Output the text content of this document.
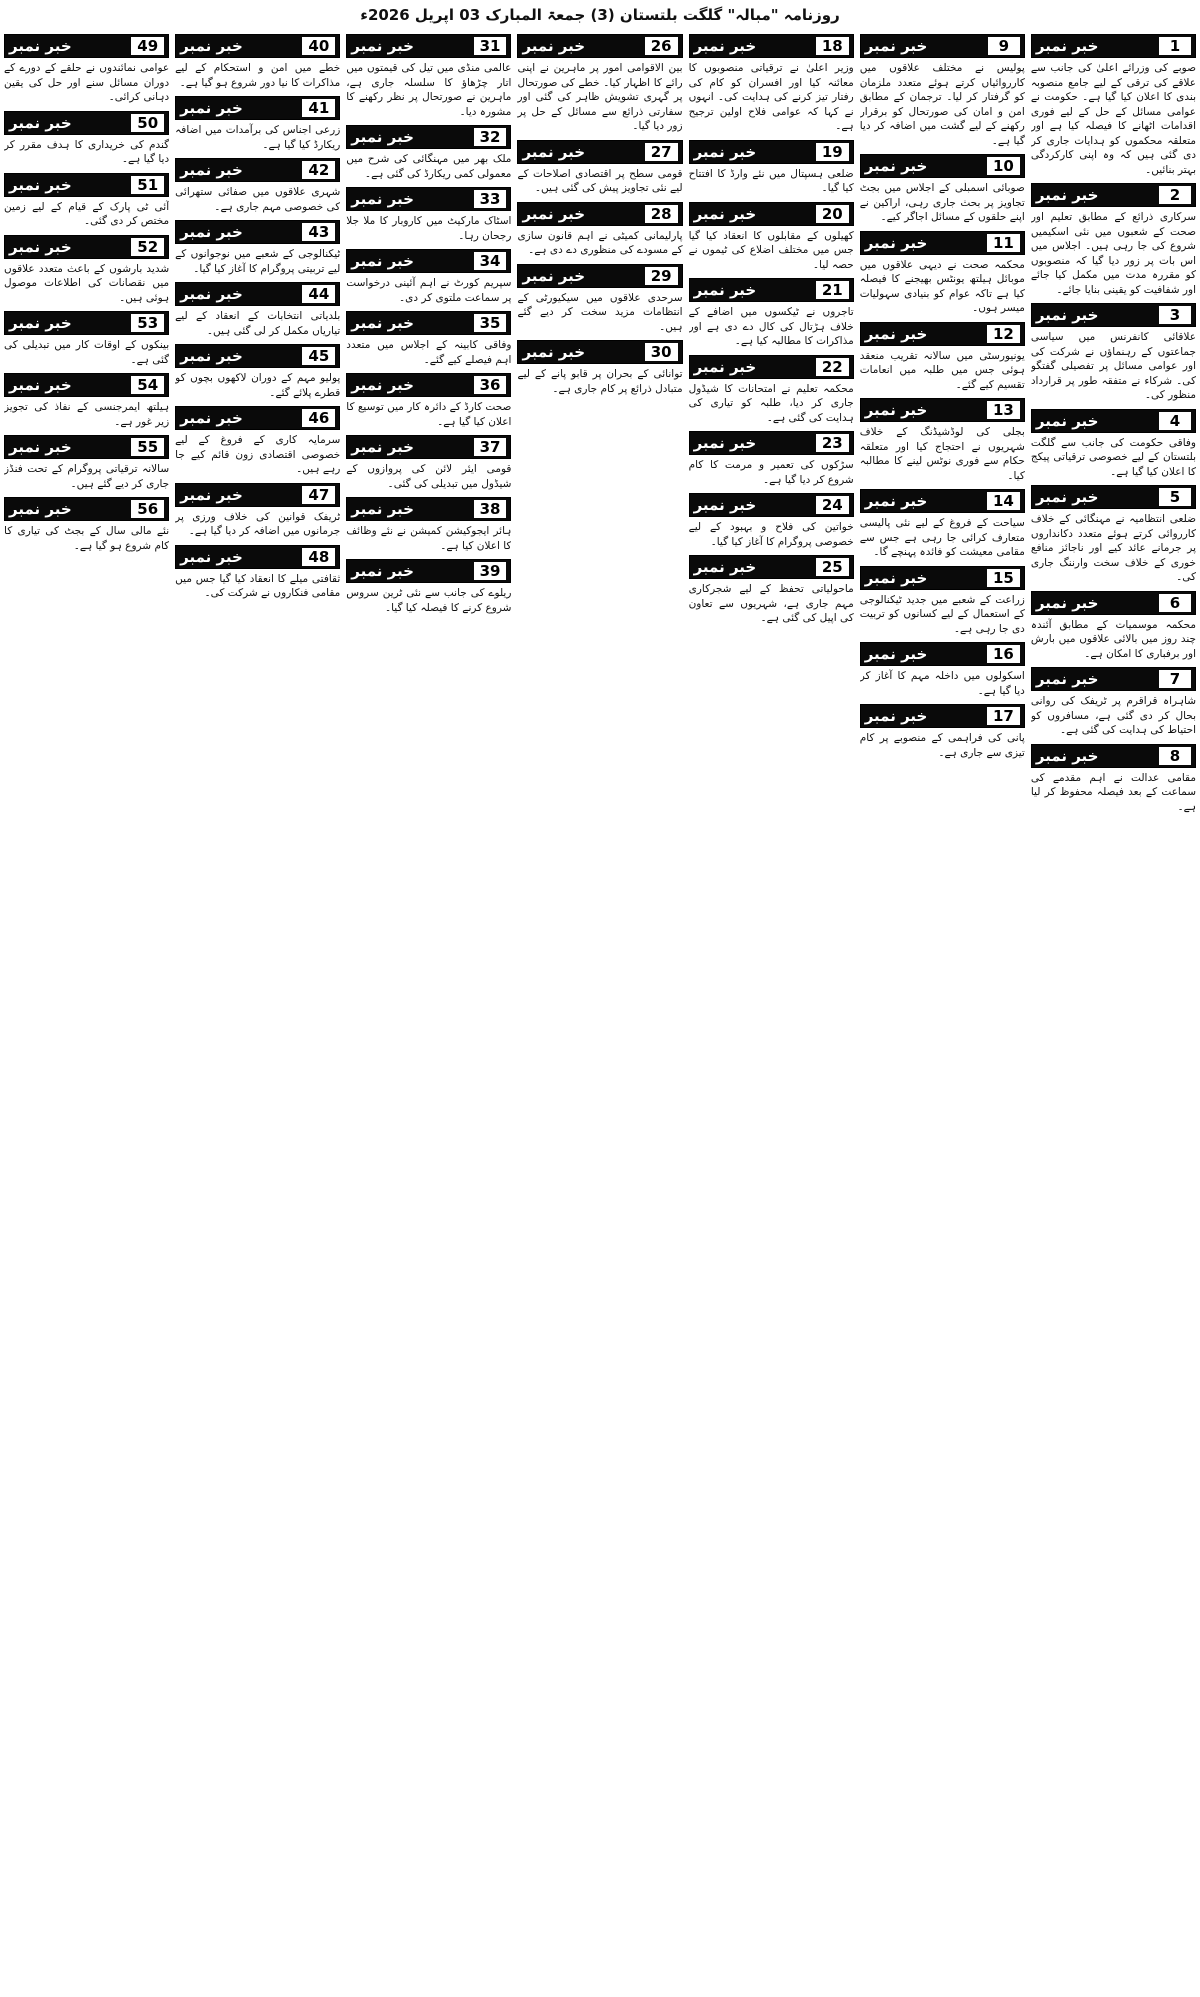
روزنامہ "مبالہ" گلگت بلتستان (3) جمعۃ المبارک 03 اپریل 2026ء
1
خبر نمبر
صوبے کی وزرائے اعلیٰ کی جانب سے علاقے کی ترقی کے لیے جامع منصوبہ بندی کا اعلان کیا گیا ہے۔ حکومت نے عوامی مسائل کے حل کے لیے فوری اقدامات اٹھانے کا فیصلہ کیا ہے اور متعلقہ محکموں کو ہدایات جاری کر دی گئی ہیں کہ وہ اپنی کارکردگی بہتر بنائیں۔
2
خبر نمبر
سرکاری ذرائع کے مطابق تعلیم اور صحت کے شعبوں میں نئی اسکیمیں شروع کی جا رہی ہیں۔ اجلاس میں اس بات پر زور دیا گیا کہ منصوبوں کو مقررہ مدت میں مکمل کیا جائے اور شفافیت کو یقینی بنایا جائے۔
3
خبر نمبر
علاقائی کانفرنس میں سیاسی جماعتوں کے رہنماؤں نے شرکت کی اور عوامی مسائل پر تفصیلی گفتگو کی۔ شرکاء نے متفقہ طور پر قرارداد منظور کی۔
4
خبر نمبر
وفاقی حکومت کی جانب سے گلگت بلتستان کے لیے خصوصی ترقیاتی پیکج کا اعلان کیا گیا ہے۔
5
خبر نمبر
ضلعی انتظامیہ نے مہنگائی کے خلاف کارروائی کرتے ہوئے متعدد دکانداروں پر جرمانے عائد کیے اور ناجائز منافع خوری کے خلاف سخت وارننگ جاری کی۔
6
خبر نمبر
محکمہ موسمیات کے مطابق آئندہ چند روز میں بالائی علاقوں میں بارش اور برفباری کا امکان ہے۔
7
خبر نمبر
شاہراہ قراقرم پر ٹریفک کی روانی بحال کر دی گئی ہے، مسافروں کو احتیاط کی ہدایت کی گئی ہے۔
8
خبر نمبر
مقامی عدالت نے اہم مقدمے کی سماعت کے بعد فیصلہ محفوظ کر لیا ہے۔
9
خبر نمبر
پولیس نے مختلف علاقوں میں کارروائیاں کرتے ہوئے متعدد ملزمان کو گرفتار کر لیا۔ ترجمان کے مطابق امن و امان کی صورتحال کو برقرار رکھنے کے لیے گشت میں اضافہ کر دیا گیا ہے۔
10
خبر نمبر
صوبائی اسمبلی کے اجلاس میں بجٹ تجاویز پر بحث جاری رہی، اراکین نے اپنے حلقوں کے مسائل اجاگر کیے۔
11
خبر نمبر
محکمہ صحت نے دیہی علاقوں میں موبائل ہیلتھ یونٹس بھیجنے کا فیصلہ کیا ہے تاکہ عوام کو بنیادی سہولیات میسر ہوں۔
12
خبر نمبر
یونیورسٹی میں سالانہ تقریب منعقد ہوئی جس میں طلبہ میں انعامات تقسیم کیے گئے۔
13
خبر نمبر
بجلی کی لوڈشیڈنگ کے خلاف شہریوں نے احتجاج کیا اور متعلقہ حکام سے فوری نوٹس لینے کا مطالبہ کیا۔
14
خبر نمبر
سیاحت کے فروغ کے لیے نئی پالیسی متعارف کرائی جا رہی ہے جس سے مقامی معیشت کو فائدہ پہنچے گا۔
15
خبر نمبر
زراعت کے شعبے میں جدید ٹیکنالوجی کے استعمال کے لیے کسانوں کو تربیت دی جا رہی ہے۔
16
خبر نمبر
اسکولوں میں داخلہ مہم کا آغاز کر دیا گیا ہے۔
17
خبر نمبر
پانی کی فراہمی کے منصوبے پر کام تیزی سے جاری ہے۔
18
خبر نمبر
وزیر اعلیٰ نے ترقیاتی منصوبوں کا معائنہ کیا اور افسران کو کام کی رفتار تیز کرنے کی ہدایت کی۔ انہوں نے کہا کہ عوامی فلاح اولین ترجیح ہے۔
19
خبر نمبر
ضلعی ہسپتال میں نئے وارڈ کا افتتاح کیا گیا۔
20
خبر نمبر
کھیلوں کے مقابلوں کا انعقاد کیا گیا جس میں مختلف اضلاع کی ٹیموں نے حصہ لیا۔
21
خبر نمبر
تاجروں نے ٹیکسوں میں اضافے کے خلاف ہڑتال کی کال دے دی ہے اور مذاکرات کا مطالبہ کیا ہے۔
22
خبر نمبر
محکمہ تعلیم نے امتحانات کا شیڈول جاری کر دیا، طلبہ کو تیاری کی ہدایت کی گئی ہے۔
23
خبر نمبر
سڑکوں کی تعمیر و مرمت کا کام شروع کر دیا گیا ہے۔
24
خبر نمبر
خواتین کی فلاح و بہبود کے لیے خصوصی پروگرام کا آغاز کیا گیا۔
25
خبر نمبر
ماحولیاتی تحفظ کے لیے شجرکاری مہم جاری ہے، شہریوں سے تعاون کی اپیل کی گئی ہے۔
26
خبر نمبر
بین الاقوامی امور پر ماہرین نے اپنی رائے کا اظہار کیا۔ خطے کی صورتحال پر گہری تشویش ظاہر کی گئی اور سفارتی ذرائع سے مسائل کے حل پر زور دیا گیا۔
27
خبر نمبر
قومی سطح پر اقتصادی اصلاحات کے لیے نئی تجاویز پیش کی گئی ہیں۔
28
خبر نمبر
پارلیمانی کمیٹی نے اہم قانون سازی کے مسودے کی منظوری دے دی ہے۔
29
خبر نمبر
سرحدی علاقوں میں سیکیورٹی کے انتظامات مزید سخت کر دیے گئے ہیں۔
30
خبر نمبر
توانائی کے بحران پر قابو پانے کے لیے متبادل ذرائع پر کام جاری ہے۔
31
خبر نمبر
عالمی منڈی میں تیل کی قیمتوں میں اتار چڑھاؤ کا سلسلہ جاری ہے، ماہرین نے صورتحال پر نظر رکھنے کا مشورہ دیا۔
32
خبر نمبر
ملک بھر میں مہنگائی کی شرح میں معمولی کمی ریکارڈ کی گئی ہے۔
33
خبر نمبر
اسٹاک مارکیٹ میں کاروبار کا ملا جلا رجحان رہا۔
34
خبر نمبر
سپریم کورٹ نے اہم آئینی درخواست پر سماعت ملتوی کر دی۔
35
خبر نمبر
وفاقی کابینہ کے اجلاس میں متعدد اہم فیصلے کیے گئے۔
36
خبر نمبر
صحت کارڈ کے دائرہ کار میں توسیع کا اعلان کیا گیا ہے۔
37
خبر نمبر
قومی ایئر لائن کی پروازوں کے شیڈول میں تبدیلی کی گئی۔
38
خبر نمبر
ہائر ایجوکیشن کمیشن نے نئے وظائف کا اعلان کیا ہے۔
39
خبر نمبر
ریلوے کی جانب سے نئی ٹرین سروس شروع کرنے کا فیصلہ کیا گیا۔
40
خبر نمبر
خطے میں امن و استحکام کے لیے مذاکرات کا نیا دور شروع ہو گیا ہے۔
41
خبر نمبر
زرعی اجناس کی برآمدات میں اضافہ ریکارڈ کیا گیا ہے۔
42
خبر نمبر
شہری علاقوں میں صفائی ستھرائی کی خصوصی مہم جاری ہے۔
43
خبر نمبر
ٹیکنالوجی کے شعبے میں نوجوانوں کے لیے تربیتی پروگرام کا آغاز کیا گیا۔
44
خبر نمبر
بلدیاتی انتخابات کے انعقاد کے لیے تیاریاں مکمل کر لی گئی ہیں۔
45
خبر نمبر
پولیو مہم کے دوران لاکھوں بچوں کو قطرے پلائے گئے۔
46
خبر نمبر
سرمایہ کاری کے فروغ کے لیے خصوصی اقتصادی زون قائم کیے جا رہے ہیں۔
47
خبر نمبر
ٹریفک قوانین کی خلاف ورزی پر جرمانوں میں اضافہ کر دیا گیا ہے۔
48
خبر نمبر
ثقافتی میلے کا انعقاد کیا گیا جس میں مقامی فنکاروں نے شرکت کی۔
49
خبر نمبر
عوامی نمائندوں نے حلقے کے دورے کے دوران مسائل سنے اور حل کی یقین دہانی کرائی۔
50
خبر نمبر
گندم کی خریداری کا ہدف مقرر کر دیا گیا ہے۔
51
خبر نمبر
آئی ٹی پارک کے قیام کے لیے زمین مختص کر دی گئی۔
52
خبر نمبر
شدید بارشوں کے باعث متعدد علاقوں میں نقصانات کی اطلاعات موصول ہوئی ہیں۔
53
خبر نمبر
بینکوں کے اوقات کار میں تبدیلی کی گئی ہے۔
54
خبر نمبر
ہیلتھ ایمرجنسی کے نفاذ کی تجویز زیر غور ہے۔
55
خبر نمبر
سالانہ ترقیاتی پروگرام کے تحت فنڈز جاری کر دیے گئے ہیں۔
56
خبر نمبر
نئے مالی سال کے بجٹ کی تیاری کا کام شروع ہو گیا ہے۔
